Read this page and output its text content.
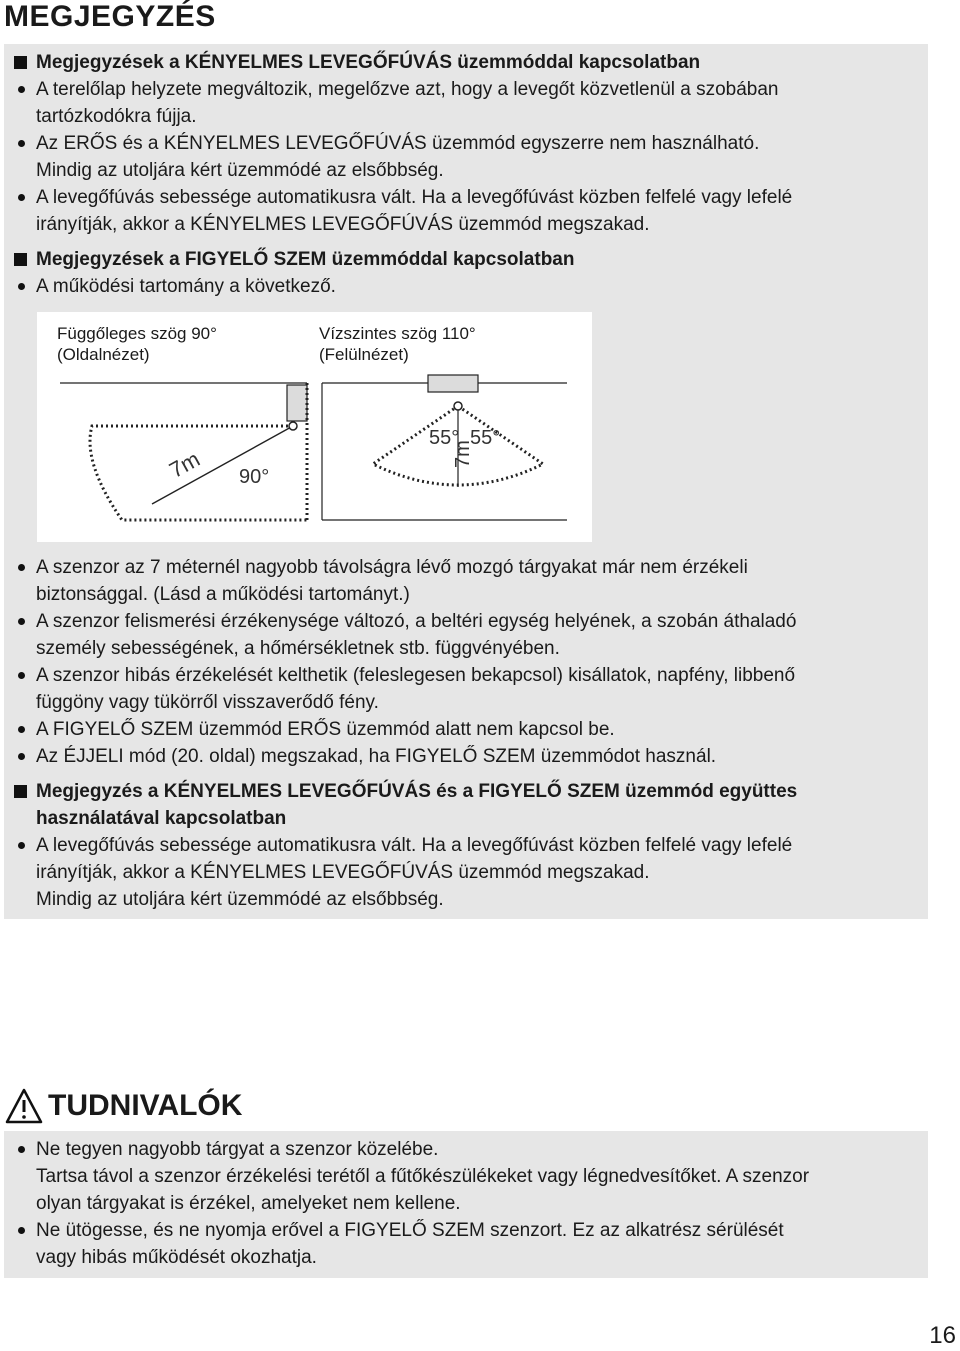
MEGJEGYZÉS

Megjegyzések a KÉNYELMES LEVEGŐFÚVÁS üzemmóddal kapcsolatban

A terelőlap helyzete megváltozik, megelőzve azt, hogy a levegőt közvetlenül a szobában
tartózkodókra fújja.
Az ERŐS és a KÉNYELMES LEVEGŐFÚVÁS üzemmód egyszerre nem használható.
Mindig az utoljára kért üzemmódé az elsőbbség.
A levegőfúvás sebessége automatikusra vált. Ha a levegőfúvást közben felfelé vagy lefelé
irányítják, akkor a KÉNYELMES LEVEGŐFÚVÁS üzemmód megszakad.

Megjegyzések a FIGYELŐ SZEM üzemmóddal kapcsolatban

A működési tartomány a következő.
Függőleges szög 90°
(Oldalnézet)
Vízszintes szög 110°
(Felülnézet)
7m 90°
55° 55°
7m
A szenzor az 7 méternél nagyobb távolságra lévő mozgó tárgyakat már nem érzékeli
biztonsággal. (Lásd a működési tartományt.)
A szenzor felismerési érzékenysége változó, a beltéri egység helyének, a szobán áthaladó
személy sebességének, a hőmérsékletnek stb. függvényében.
A szenzor hibás érzékelését kelthetik (feleslegesen bekapcsol) kisállatok, napfény, libbenő
függöny vagy tükörről visszaverődő fény.
A FIGYELŐ SZEM üzemmód ERŐS üzemmód alatt nem kapcsol be.
Az ÉJJELI mód (20. oldal) megszakad, ha FIGYELŐ SZEM üzemmódot használ.

Megjegyzés a KÉNYELMES LEVEGŐFÚVÁS és a FIGYELŐ SZEM üzemmód együttes
használatával kapcsolatban

A levegőfúvás sebessége automatikusra vált. Ha a levegőfúvást közben felfelé vagy lefelé
irányítják, akkor a KÉNYELMES LEVEGŐFÚVÁS üzemmód megszakad.
Mindig az utoljára kért üzemmódé az elsőbbség.
TUDNIVALÓK
Ne tegyen nagyobb tárgyat a szenzor közelébe.
Tartsa távol a szenzor érzékelési terétől a fűtőkészülékeket vagy légnedvesítőket. A szenzor
olyan tárgyakat is érzékel, amelyeket nem kellene.
Ne ütögesse, és ne nyomja erővel a FIGYELŐ SZEM szenzort. Ez az alkatrész sérülését
vagy hibás működését okozhatja.
16
